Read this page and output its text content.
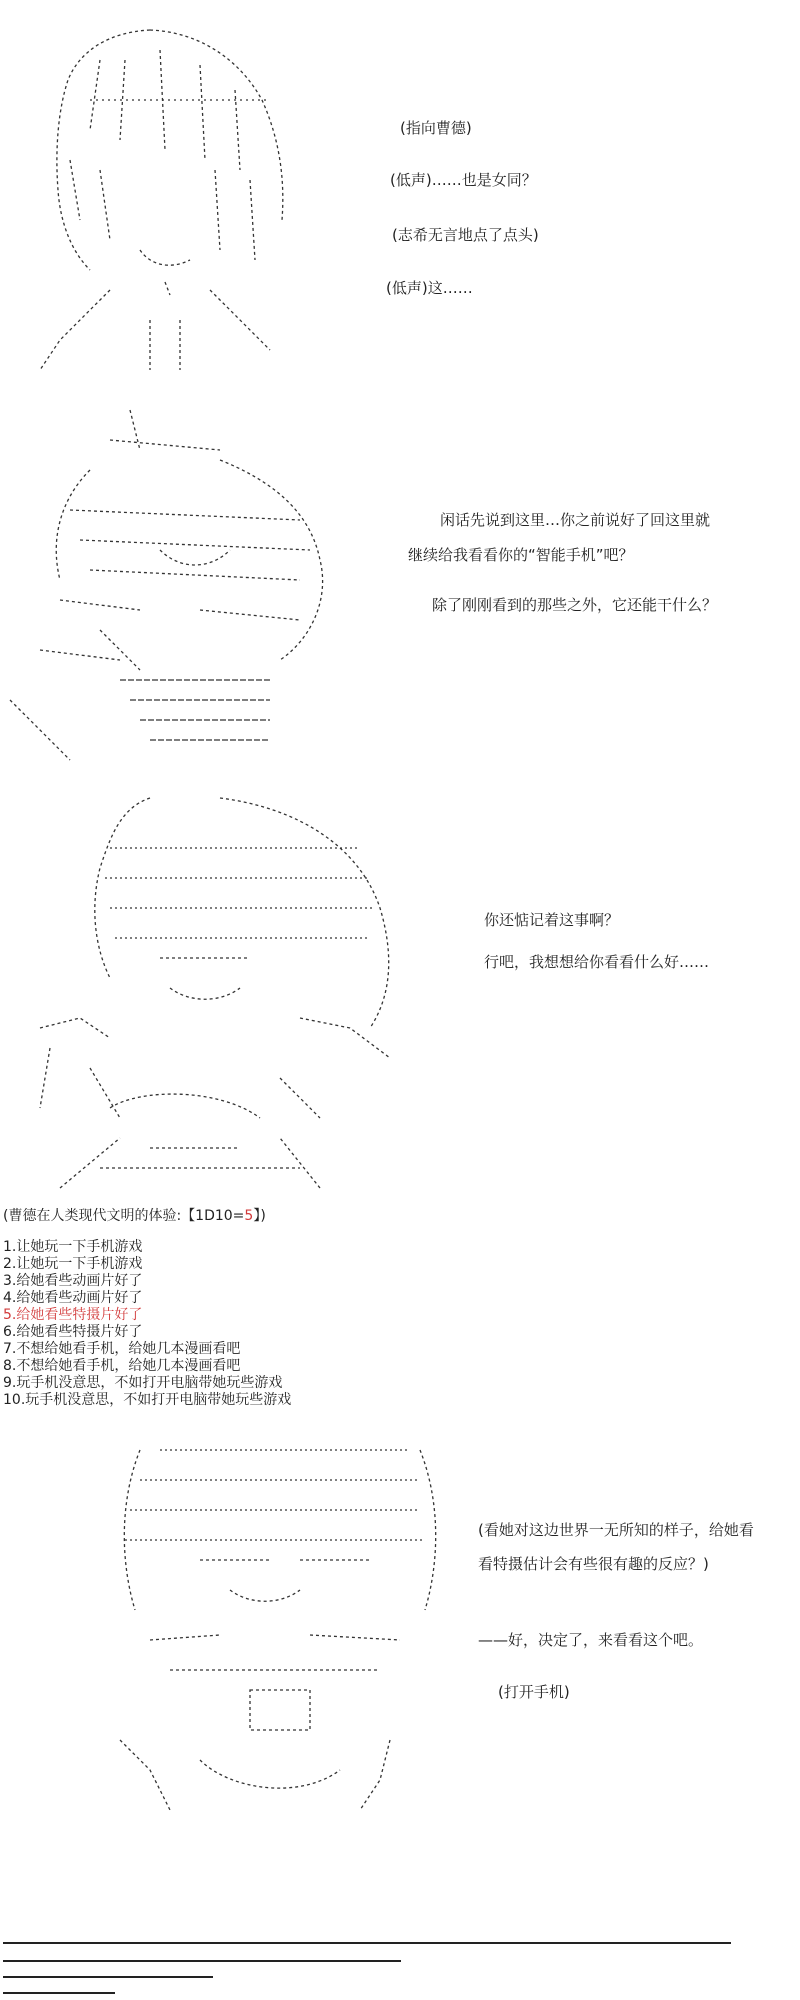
(指向曹德)
(低声)……也是女同？
(志希无言地点了点头)
(低声)这……
闲话先说到这里…你之前说好了回这里就
继续给我看看你的“智能手机”吧？
除了刚刚看到的那些之外，它还能干什么？
你还惦记着这事啊？
行吧，我想想给你看看什么好……
(曹德在人类现代文明的体验:【1D10=5】)
1.让她玩一下手机游戏
2.让她玩一下手机游戏
3.给她看些动画片好了
4.给她看些动画片好了
5.给她看些特摄片好了
6.给她看些特摄片好了
7.不想给她看手机，给她几本漫画看吧
8.不想给她看手机，给她几本漫画看吧
9.玩手机没意思，不如打开电脑带她玩些游戏
10.玩手机没意思，不如打开电脑带她玩些游戏
(看她对这边世界一无所知的样子，给她看
看特摄估计会有些很有趣的反应？)
——好，决定了，来看看这个吧。
(打开手机)
